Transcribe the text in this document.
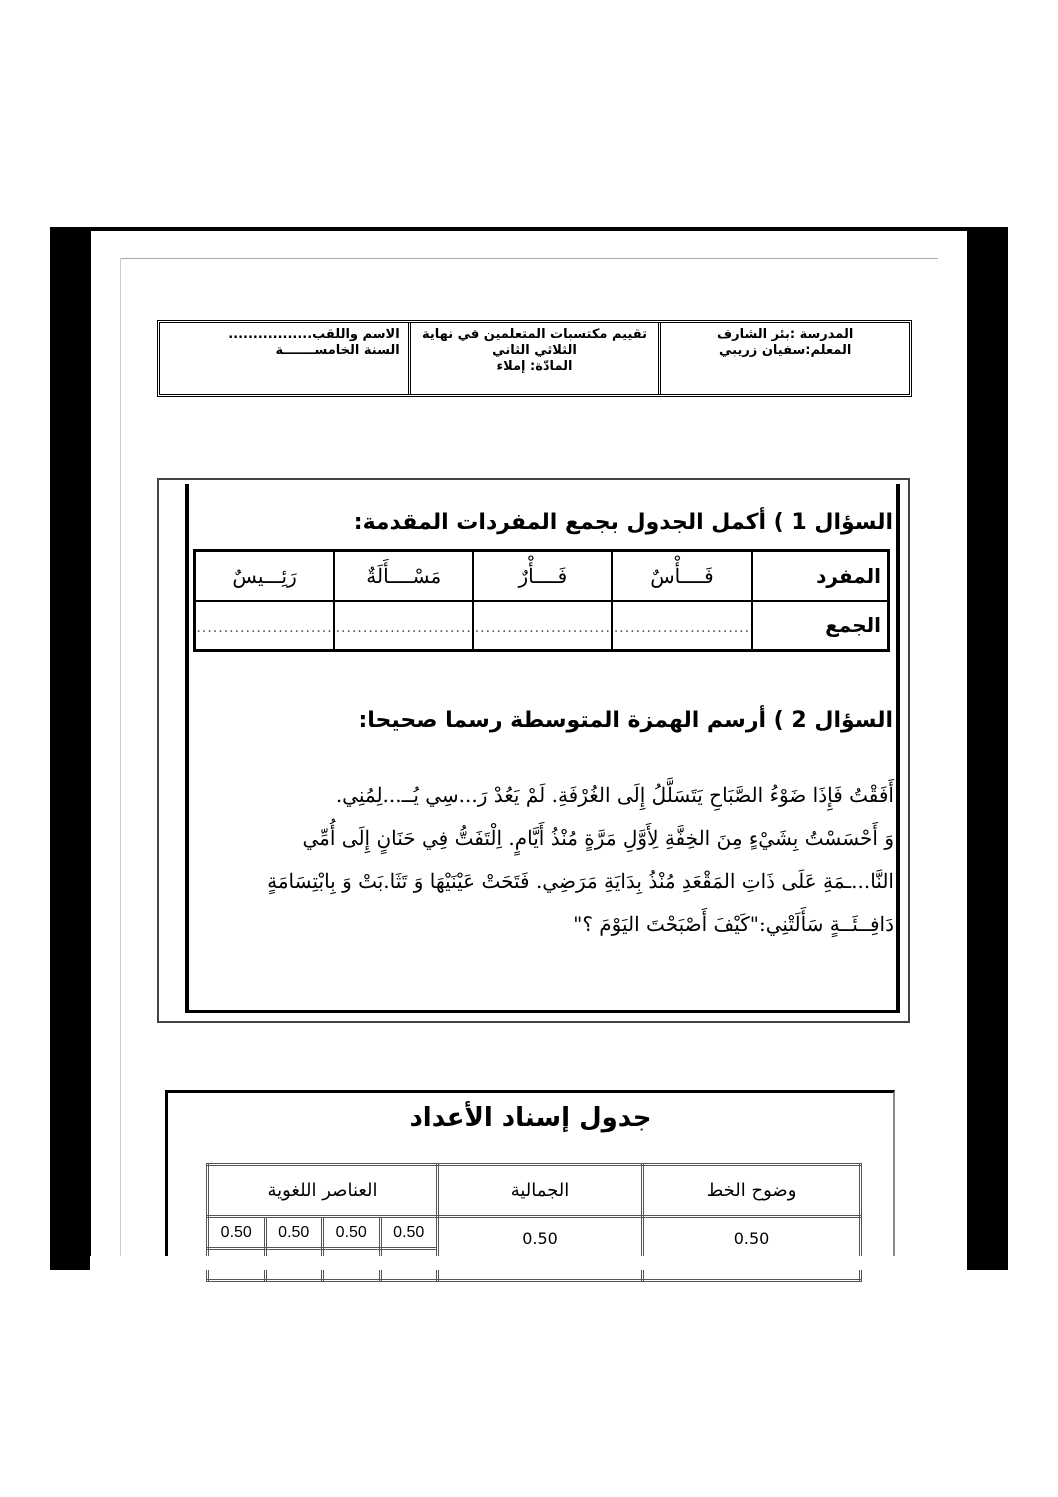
المدرسة :بئر الشارف
المعلم:سفيان زريبي
تقييم مكتسبات المتعلمين في نهاية
الثلاثي الثاني
المادّة: إملاء
الاسم واللقب.................
السنة الخامســـــــة
السؤال 1 ) أكمل الجدول بجمع المفردات المقدمة:
المفرد	فَــــأْسٌ	فَــــأْرٌ	مَسْــــأَلَةٌ	رَئِـــيسٌ
الجمع	.........................	.........................	.........................	.........................
السؤال 2 ) أرسم الهمزة المتوسطة رسما صحيحا:
أَفَقْتُ فَإِذَا ضَوْءُ الصَّبَاحِ يَتَسَلَّلُ إِلَى الغُرْفَةِ. لَمْ يَعُدْ رَ...سِي يُــ...لِمُنِي.
وَ أَحْسَسْتُ بِشَيْءٍ مِنَ الخِفَّةِ لِأَوَّلِ مَرَّةٍ مُنْذُ أَيَّامٍ. اِلْتَفَتُّ فِي حَنَانٍ إِلَى أُمِّي
النَّا...ـمَةِ عَلَى ذَاتِ المَقْعَدِ مُنْذُ بِدَايَةِ مَرَضِي. فَتَحَتْ عَيْنَيْهَا وَ تَثَا.بَتْ وَ بِابْتِسَامَةٍ
دَافِــئَــةٍ سَأَلَتْنِي:"كَيْفَ أَصْبَحْتَ اليَوْمَ ؟"
جدول إسناد الأعداد
وضوح الخط	الجمالية	العناصر اللغوية			
0.50	0.50	0.50	0.50	0.50	0.50
